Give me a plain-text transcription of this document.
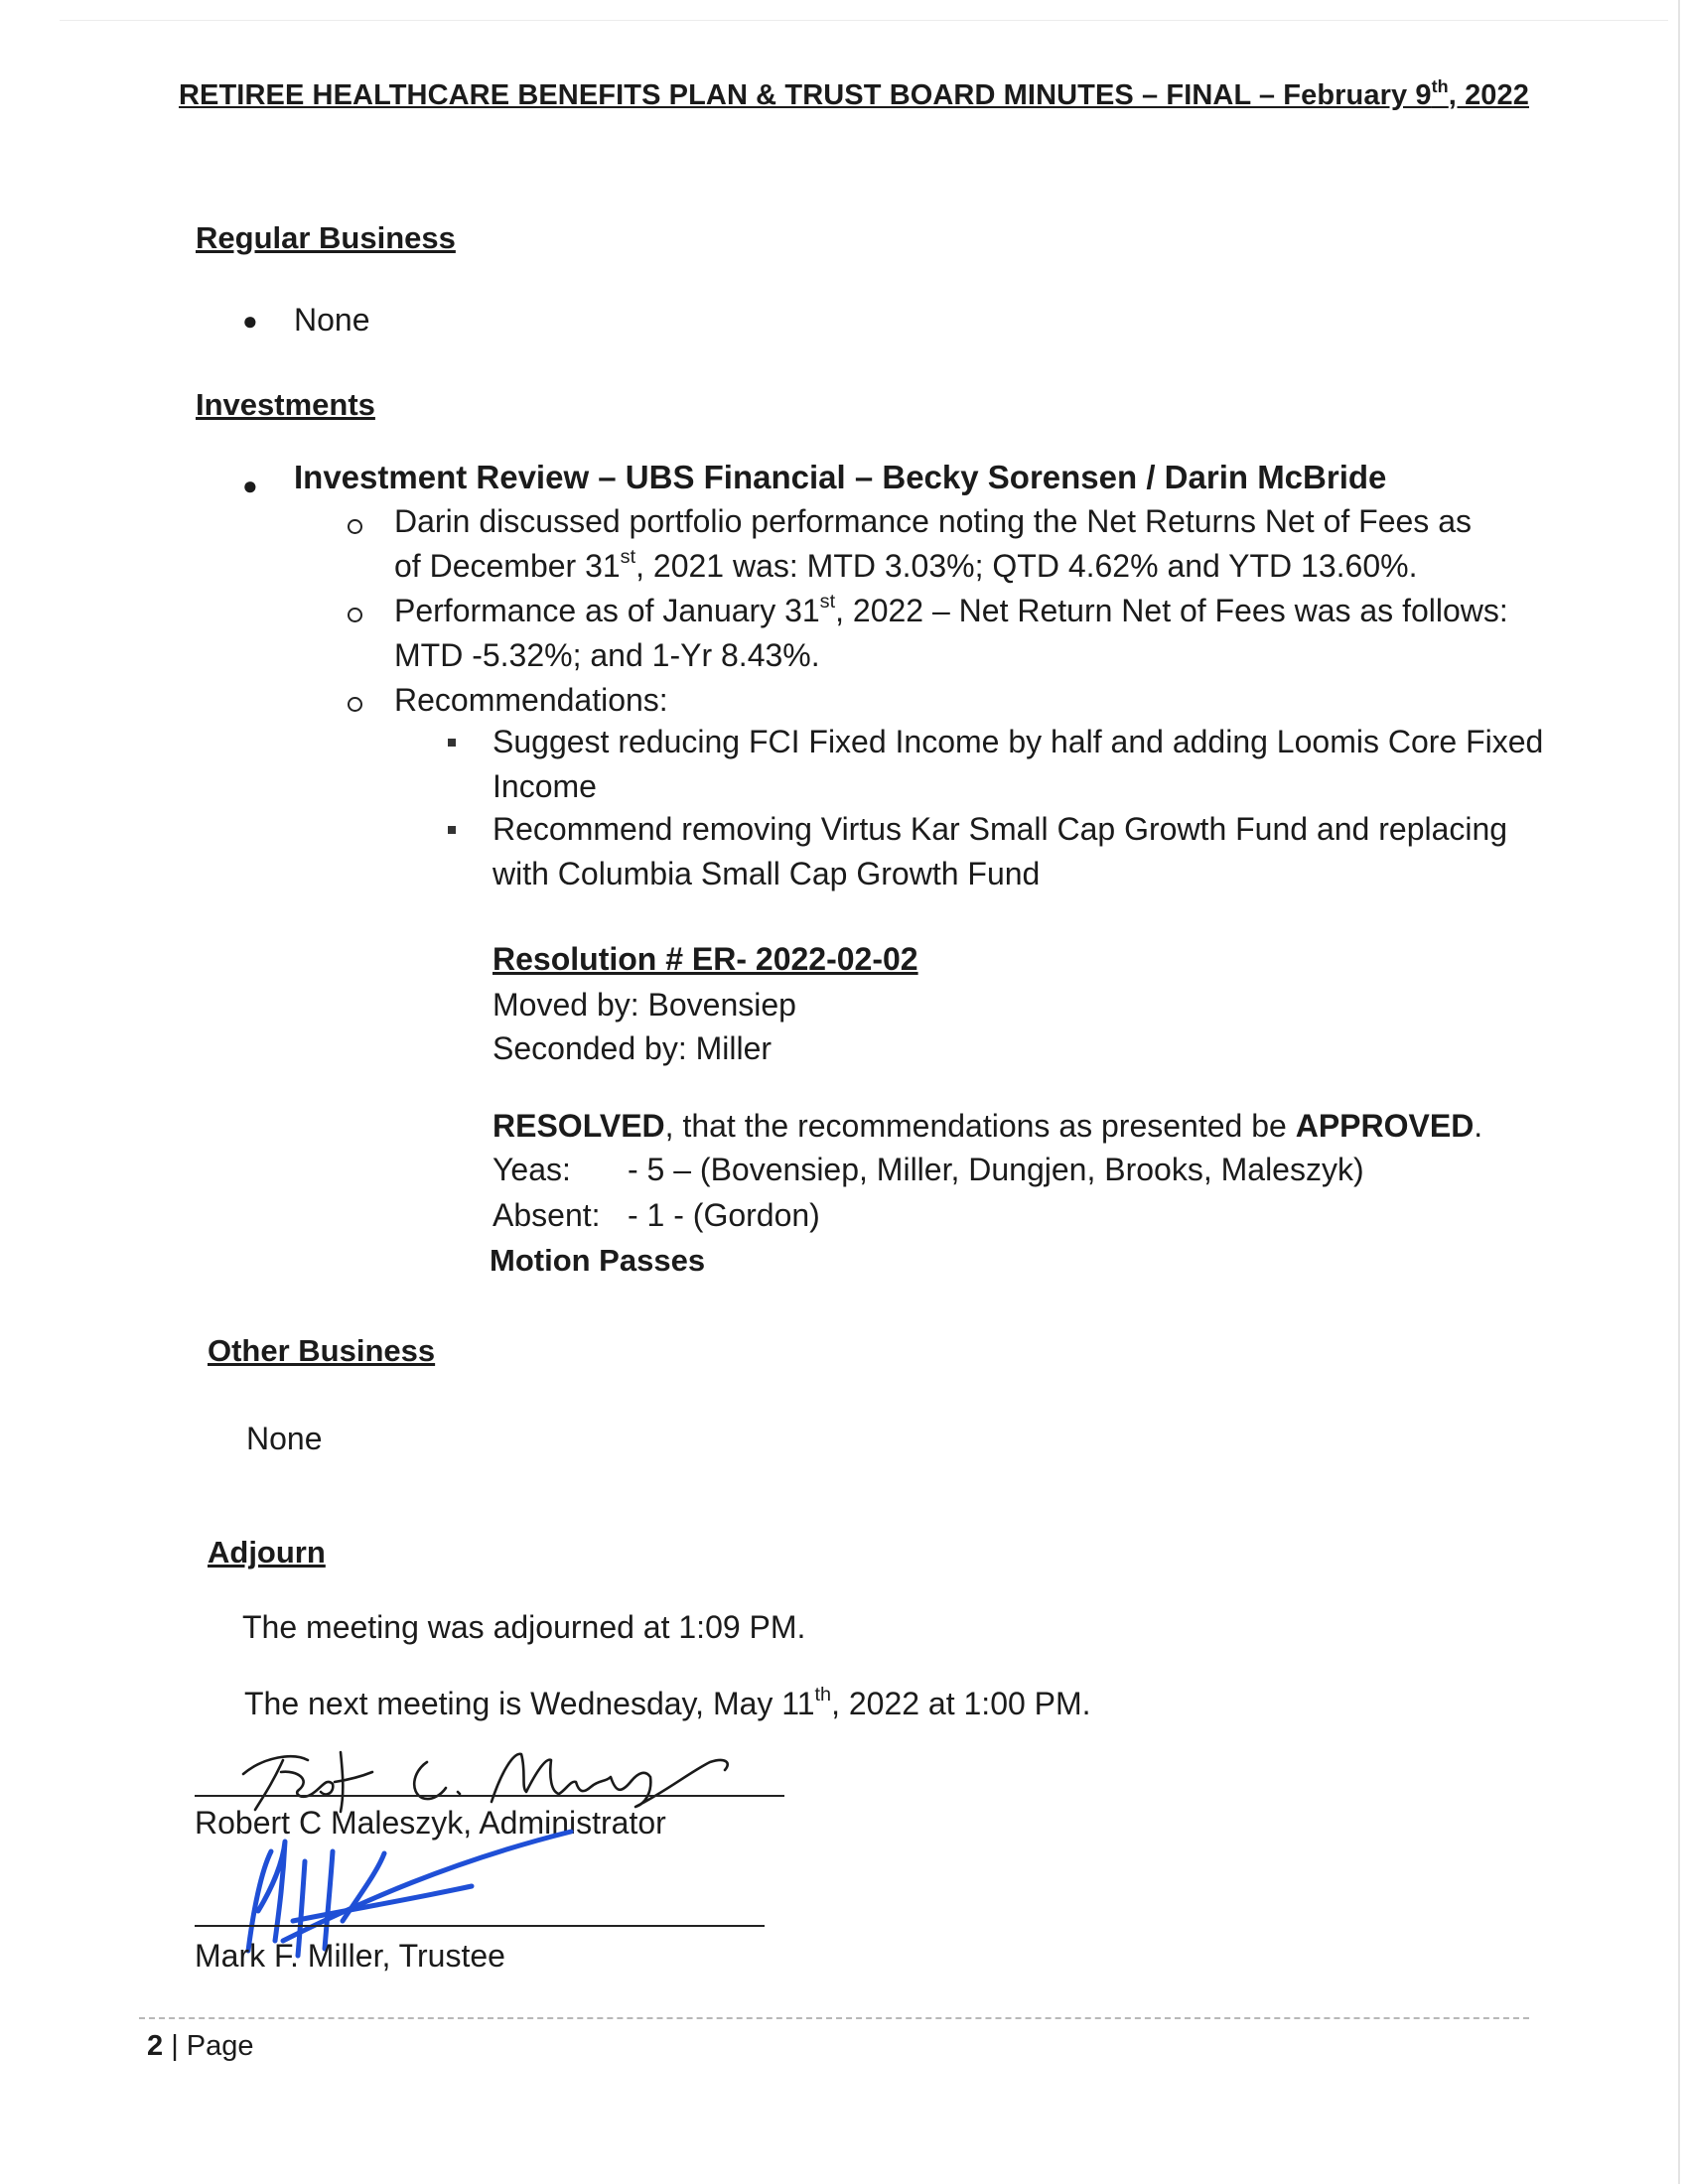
RETIREE HEALTHCARE BENEFITS PLAN & TRUST BOARD MINUTES – FINAL – February 9th, 2022
Regular Business
● None
Investments
● Investment Review – UBS Financial – Becky Sorensen / Darin McBride
Darin discussed portfolio performance noting the Net Returns Net of Fees as
of December 31st, 2021 was: MTD 3.03%; QTD 4.62% and YTD 13.60%.
Performance as of January 31st, 2022 – Net Return Net of Fees was as follows:
MTD -5.32%; and 1-Yr 8.43%.
Recommendations:
Suggest reducing FCI Fixed Income by half and adding Loomis Core Fixed
Income
Recommend removing Virtus Kar Small Cap Growth Fund and replacing
with Columbia Small Cap Growth Fund
Resolution # ER- 2022-02-02
Moved by: Bovensiep
Seconded by: Miller
RESOLVED, that the recommendations as presented be APPROVED.
Yeas: - 5 – (Bovensiep, Miller, Dungjen, Brooks, Maleszyk)
Absent: - 1 - (Gordon)
Motion Passes
Other Business
None
Adjourn
The meeting was adjourned at 1:09 PM.
The next meeting is Wednesday, May 11th, 2022 at 1:00 PM.
Robert C Maleszyk, Administrator
Mark F. Miller, Trustee
2 | Page
